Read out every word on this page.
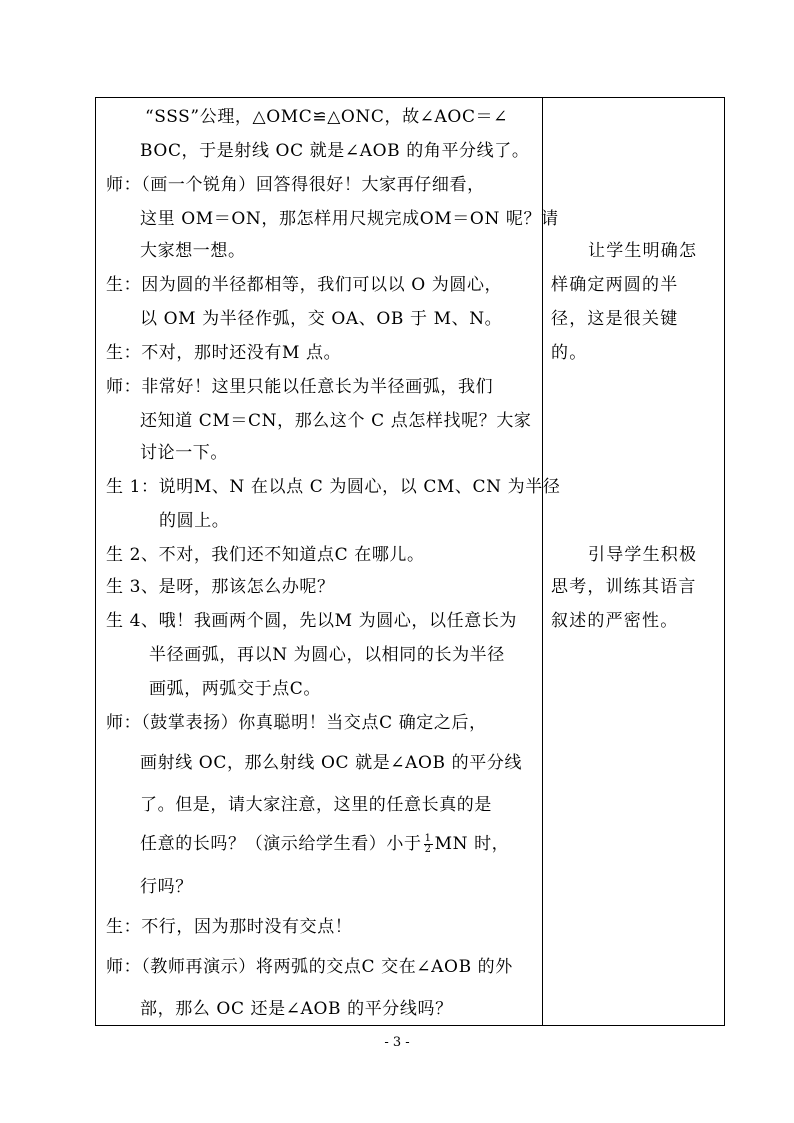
“SSS”公理，△OMC≌△ONC，故∠AOC＝∠
BOC，于是射线 OC 就是∠AOB 的角平分线了。
师：（画一个锐角）回答得很好！大家再仔细看，
这里 OM＝ON，那怎样用尺规完成OM＝ON 呢？请
大家想一想。
生：因为圆的半径都相等，我们可以以 O 为圆心，
以 OM 为半径作弧，交 OA、OB 于 M、N。
生：不对，那时还没有M 点。
师：非常好！这里只能以任意长为半径画弧，我们
还知道 CM＝CN，那么这个 C 点怎样找呢？大家
讨论一下。
生 1：说明M、N 在以点 C 为圆心，以 CM、CN 为半径
的圆上。
生 2、不对，我们还不知道点C 在哪儿。
生 3、是呀，那该怎么办呢？
生 4、哦！我画两个圆，先以M 为圆心，以任意长为
半径画弧，再以N 为圆心，以相同的长为半径
画弧，两弧交于点C。
师：（鼓掌表扬）你真聪明！当交点C 确定之后，
画射线 OC，那么射线 OC 就是∠AOB 的平分线
了。但是，请大家注意，这里的任意长真的是
任意的长吗？（演示给学生看）小于 $\frac{1}{2}$ MN 时，
行吗？
生：不行，因为那时没有交点！
师：（教师再演示）将两弧的交点C 交在∠AOB 的外
部，那么 OC 还是∠AOB 的平分线吗？
让学生明确怎
样确定两圆的半
径，这是很关键
的。
引导学生积极
思考，训练其语言
叙述的严密性。
- 3 -
